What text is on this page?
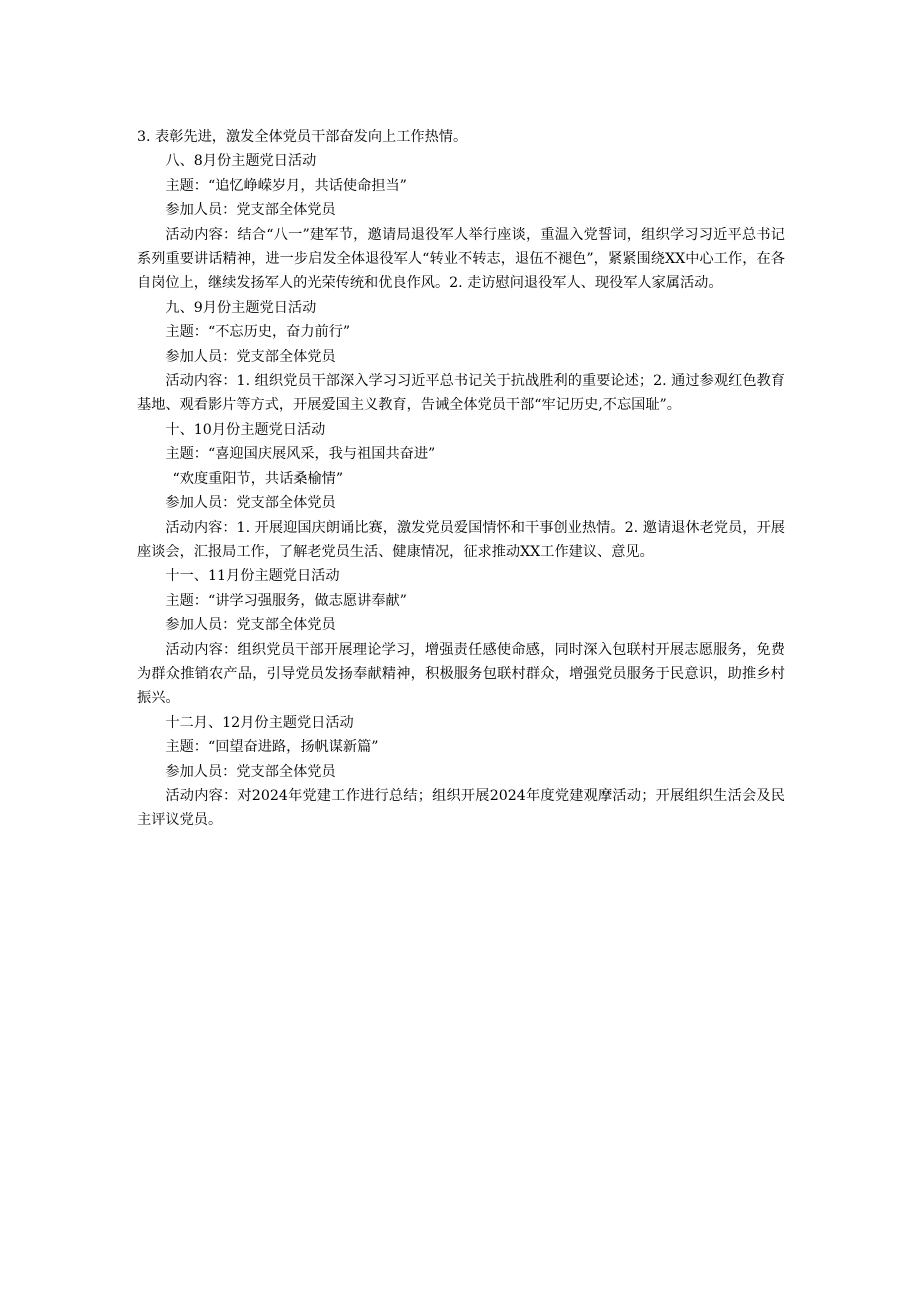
3. 表彰先进，激发全体党员干部奋发向上工作热情。

八、8月份主题党日活动

主题：“追忆峥嵘岁月，共话使命担当”

参加人员：党支部全体党员

活动内容：结合“八一”建军节，邀请局退役军人举行座谈，重温入党誓词，组织学习习近平总书记系列重要讲话精神，进一步启发全体退役军人“转业不转志，退伍不褪色”，紧紧围绕XX中心工作，在各自岗位上，继续发扬军人的光荣传统和优良作风。2. 走访慰问退役军人、现役军人家属活动。

九、9月份主题党日活动

主题：“不忘历史，奋力前行”

参加人员：党支部全体党员

活动内容：1. 组织党员干部深入学习习近平总书记关于抗战胜利的重要论述；2. 通过参观红色教育基地、观看影片等方式，开展爱国主义教育，告诫全体党员干部“牢记历史,不忘国耻”。

十、10月份主题党日活动

主题：“喜迎国庆展风采，我与祖国共奋进”

“欢度重阳节，共话桑榆情”

参加人员：党支部全体党员

活动内容：1. 开展迎国庆朗诵比赛，激发党员爱国情怀和干事创业热情。2. 邀请退休老党员，开展座谈会，汇报局工作，了解老党员生活、健康情况，征求推动XX工作建议、意见。

十一、11月份主题党日活动

主题：“讲学习强服务，做志愿讲奉献”

参加人员：党支部全体党员

活动内容：组织党员干部开展理论学习，增强责任感使命感，同时深入包联村开展志愿服务，免费为群众推销农产品，引导党员发扬奉献精神，积极服务包联村群众，增强党员服务于民意识，助推乡村振兴。

十二月、12月份主题党日活动

主题：“回望奋进路，扬帆谋新篇”

参加人员：党支部全体党员

活动内容：对2024年党建工作进行总结；组织开展2024年度党建观摩活动；开展组织生活会及民主评议党员。
